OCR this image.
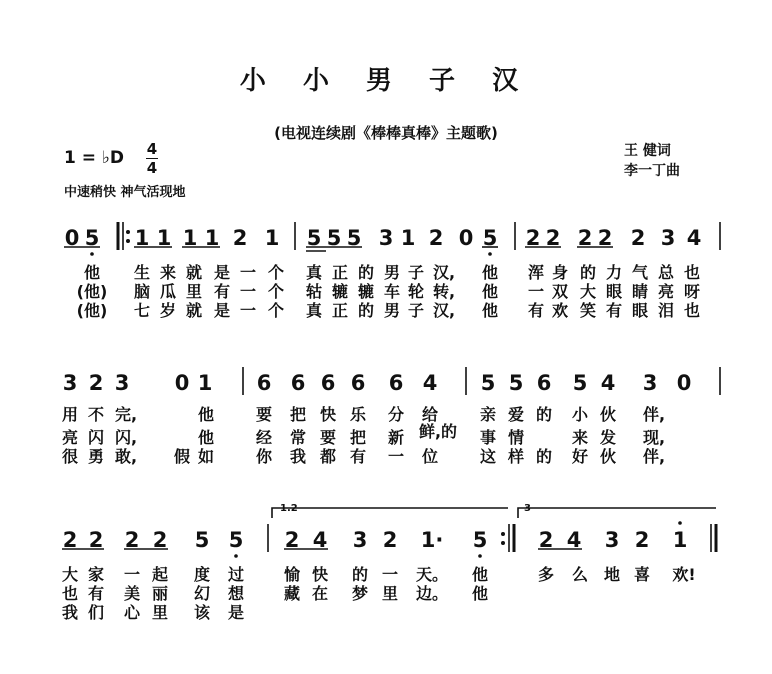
小 小 男 子 汉
(电视连续剧《棒棒真棒》主题歌)
1 = ♭D 4
4
中速稍快 神气活现地
王 健词
李一丁曲
0 5 1 1 1 1 2 1 5 5 5 3 1 2 0 5 2 2 2 2 2 3 4
他 生 来 就 是 一 个 真 正 的 男 子 汉, 他 浑 身 的 力 气 总 也
(他) 脑 瓜 里 有 一 个 轱 辘 辘 车 轮 转, 他 一 双 大 眼 睛 亮 呀
(他) 七 岁 就 是 一 个 真 正 的 男 子 汉, 他 有 欢 笑 有 眼 泪 也
3 2 3 0 1 6 6 6 6 6 4 5 5 6 5 4 3 0
用 不 完,	他	要 把 快 乐 分 给	亲 爱 的 小 伙 伴,
亮 闪 闪,	他	经 常 要 把 新 鲜,的 事 情	来 发 现,
很 勇 敢, 假 如	你 我 都 有 一 位	这 样 的 好 伙 伴,
1.2	3
2 2 2 2 5 5 2 4 3 2 1· 5 2 4 3 2 1
大 家 一 起 度 过 愉 快 的 一 天。 他	多 么 地 喜 欢!
也 有 美 丽 幻 想 藏 在 梦 里 边。 他
我 们 心 里 该 是
